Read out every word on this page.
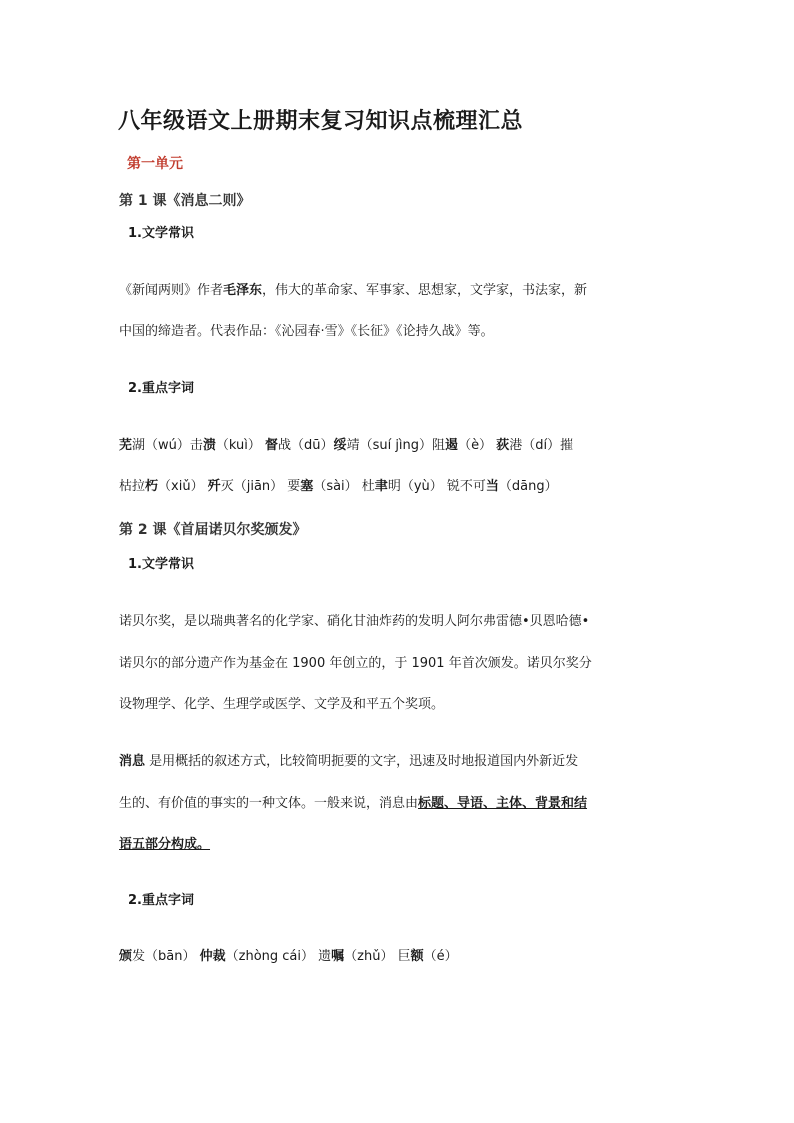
八年级语文上册期末复习知识点梳理汇总
第一单元
第 1 课《消息二则》
1.文学常识
《新闻两则》作者毛泽东，伟大的革命家、军事家、思想家，文学家，书法家，新
中国的缔造者。代表作品：《沁园春·雪》《长征》《论持久战》等。
2.重点字词
芜湖（wú）击溃（kuì） 督战（dū）绥靖（suí jìng）阻遏（è） 荻港（dí）摧
枯拉朽（xiǔ） 歼灭（jiān） 要塞（sài） 杜聿明（yù） 锐不可当（dāng）
第 2 课《首届诺贝尔奖颁发》
1.文学常识
诺贝尔奖，是以瑞典著名的化学家、硝化甘油炸药的发明人阿尔弗雷德•贝恩哈德•
诺贝尔的部分遗产作为基金在 1900 年创立的，于 1901 年首次颁发。诺贝尔奖分
设物理学、化学、生理学或医学、文学及和平五个奖项。
消息 是用概括的叙述方式，比较简明扼要的文字，迅速及时地报道国内外新近发
生的、有价值的事实的一种文体。一般来说，消息由标题、导语、主体、背景和结
语五部分构成。
2.重点字词
颁发（bān） 仲裁（zhòng cái） 遗嘱（zhǔ） 巨额（é）
